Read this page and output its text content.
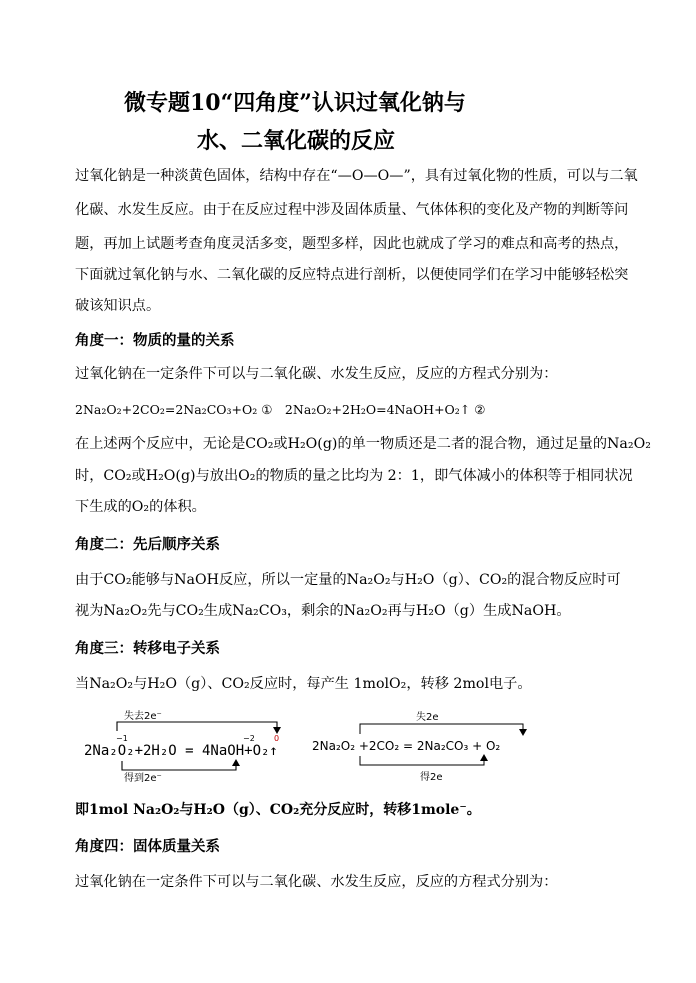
微专题10“四角度”认识过氧化钠与
水、二氧化碳的反应
过氧化钠是一种淡黄色固体，结构中存在“—O—O—”，具有过氧化物的性质，可以与二氧
化碳、水发生反应。由于在反应过程中涉及固体质量、气体体积的变化及产物的判断等问
题，再加上试题考查角度灵活多变，题型多样，因此也就成了学习的难点和高考的热点，
下面就过氧化钠与水、二氧化碳的反应特点进行剖析，以便使同学们在学习中能够轻松突
破该知识点。
角度一：物质的量的关系
过氧化钠在一定条件下可以与二氧化碳、水发生反应，反应的方程式分别为：
2Na₂O₂+2CO₂=2Na₂CO₃+O₂ ①　2Na₂O₂+2H₂O=4NaOH+O₂↑ ②
在上述两个反应中，无论是CO₂或H₂O(g)的单一物质还是二者的混合物，通过足量的Na₂O₂
时，CO₂或H₂O(g)与放出O₂的物质的量之比均为 2：1，即气体减小的体积等于相同状况
下生成的O₂的体积。
角度二：先后顺序关系
由于CO₂能够与NaOH反应，所以一定量的Na₂O₂与H₂O（g）、CO₂的混合物反应时可
视为Na₂O₂先与CO₂生成Na₂CO₃，剩余的Na₂O₂再与H₂O（g）生成NaOH。
角度三：转移电子关系
当Na₂O₂与H₂O（g）、CO₂反应时，每产生 1molO₂，转移 2mol电子。
失去2e⁻
−1	−2 0
2Na₂O₂+2H₂O = 4NaOH+O₂↑
得到2e⁻
失2e
2Na₂O₂ +2CO₂ = 2Na₂CO₃ + O₂
得2e
即1mol Na₂O₂与H₂O（g）、CO₂充分反应时，转移1mole⁻。
角度四：固体质量关系
过氧化钠在一定条件下可以与二氧化碳、水发生反应，反应的方程式分别为：
